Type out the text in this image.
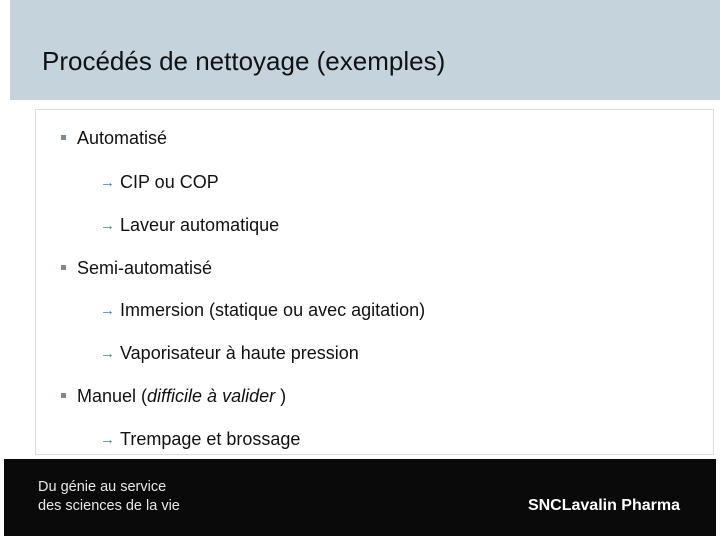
Procédés de nettoyage (exemples)
Automatisé
→ CIP ou COP
→ Laveur automatique
Semi-automatisé
→ Immersion (statique ou avec agitation)
→ Vaporisateur à haute pression
Manuel (difficile à valider )
→ Trempage et brossage
Du génie au service
des sciences de la vie	SNCLavalin Pharma
